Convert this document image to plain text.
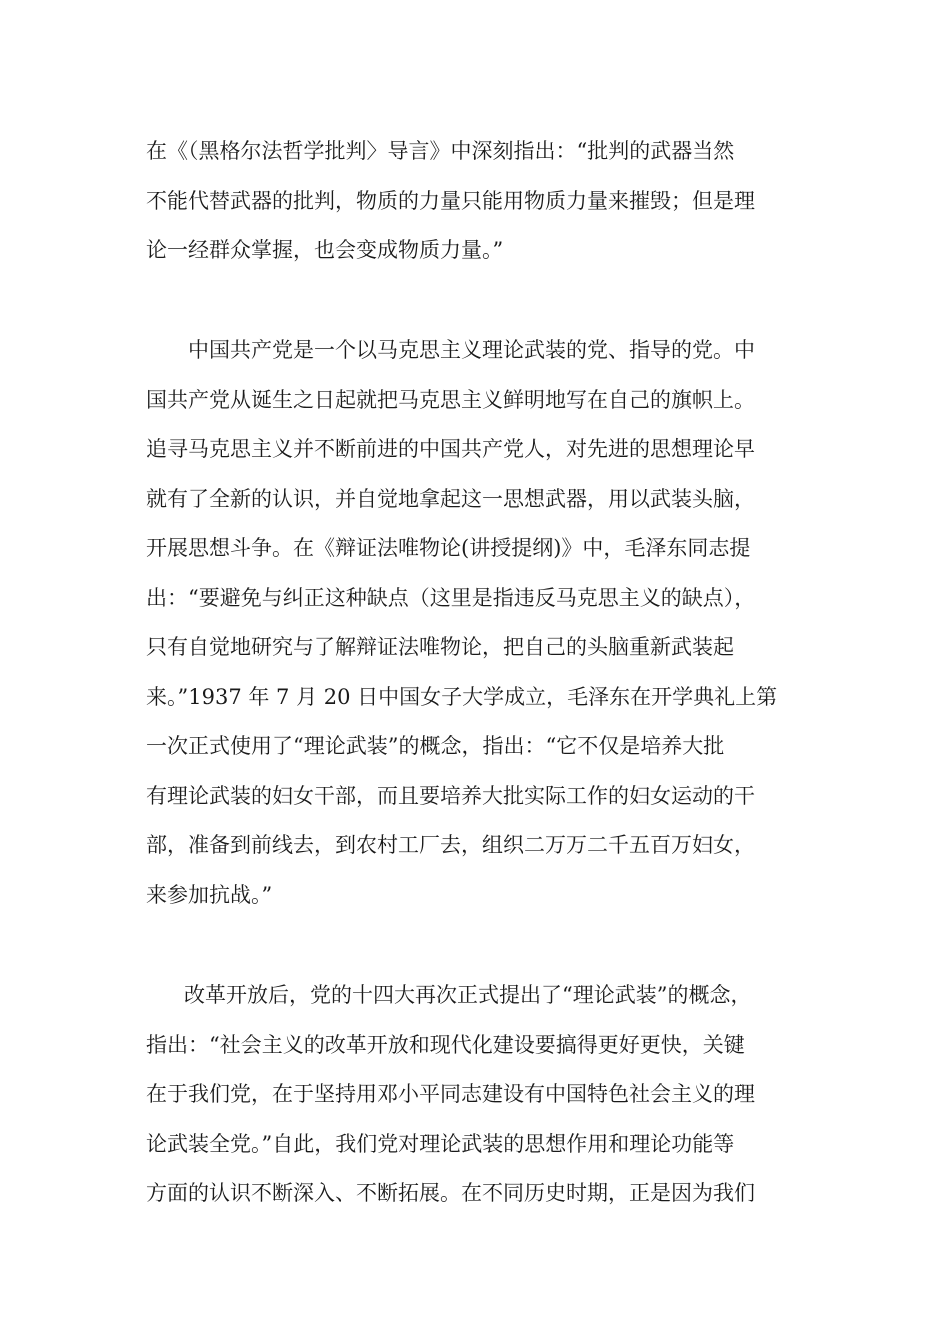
在《（黑格尔法哲学批判〉导言》中深刻指出：“批判的武器当然
不能代替武器的批判，物质的力量只能用物质力量来摧毁；但是理
论一经群众掌握，也会变成物质力量。”
中国共产党是一个以马克思主义理论武装的党、指导的党。中
国共产党从诞生之日起就把马克思主义鲜明地写在自己的旗帜上。
追寻马克思主义并不断前进的中国共产党人，对先进的思想理论早
就有了全新的认识，并自觉地拿起这一思想武器，用以武装头脑，
开展思想斗争。在《辩证法唯物论(讲授提纲)》中，毛泽东同志提
出：“要避免与纠正这种缺点（这里是指违反马克思主义的缺点），
只有自觉地研究与了解辩证法唯物论，把自己的头脑重新武装起
来。”1937 年 7 月 20 日中国女子大学成立，毛泽东在开学典礼上第
一次正式使用了“理论武装”的概念，指出：“它不仅是培养大批
有理论武装的妇女干部，而且要培养大批实际工作的妇女运动的干
部，准备到前线去，到农村工厂去，组织二万万二千五百万妇女，
来参加抗战。”
改革开放后，党的十四大再次正式提出了“理论武装”的概念，
指出：“社会主义的改革开放和现代化建设要搞得更好更快，关键
在于我们党，在于坚持用邓小平同志建设有中国特色社会主义的理
论武装全党。”自此，我们党对理论武装的思想作用和理论功能等
方面的认识不断深入、不断拓展。在不同历史时期，正是因为我们
